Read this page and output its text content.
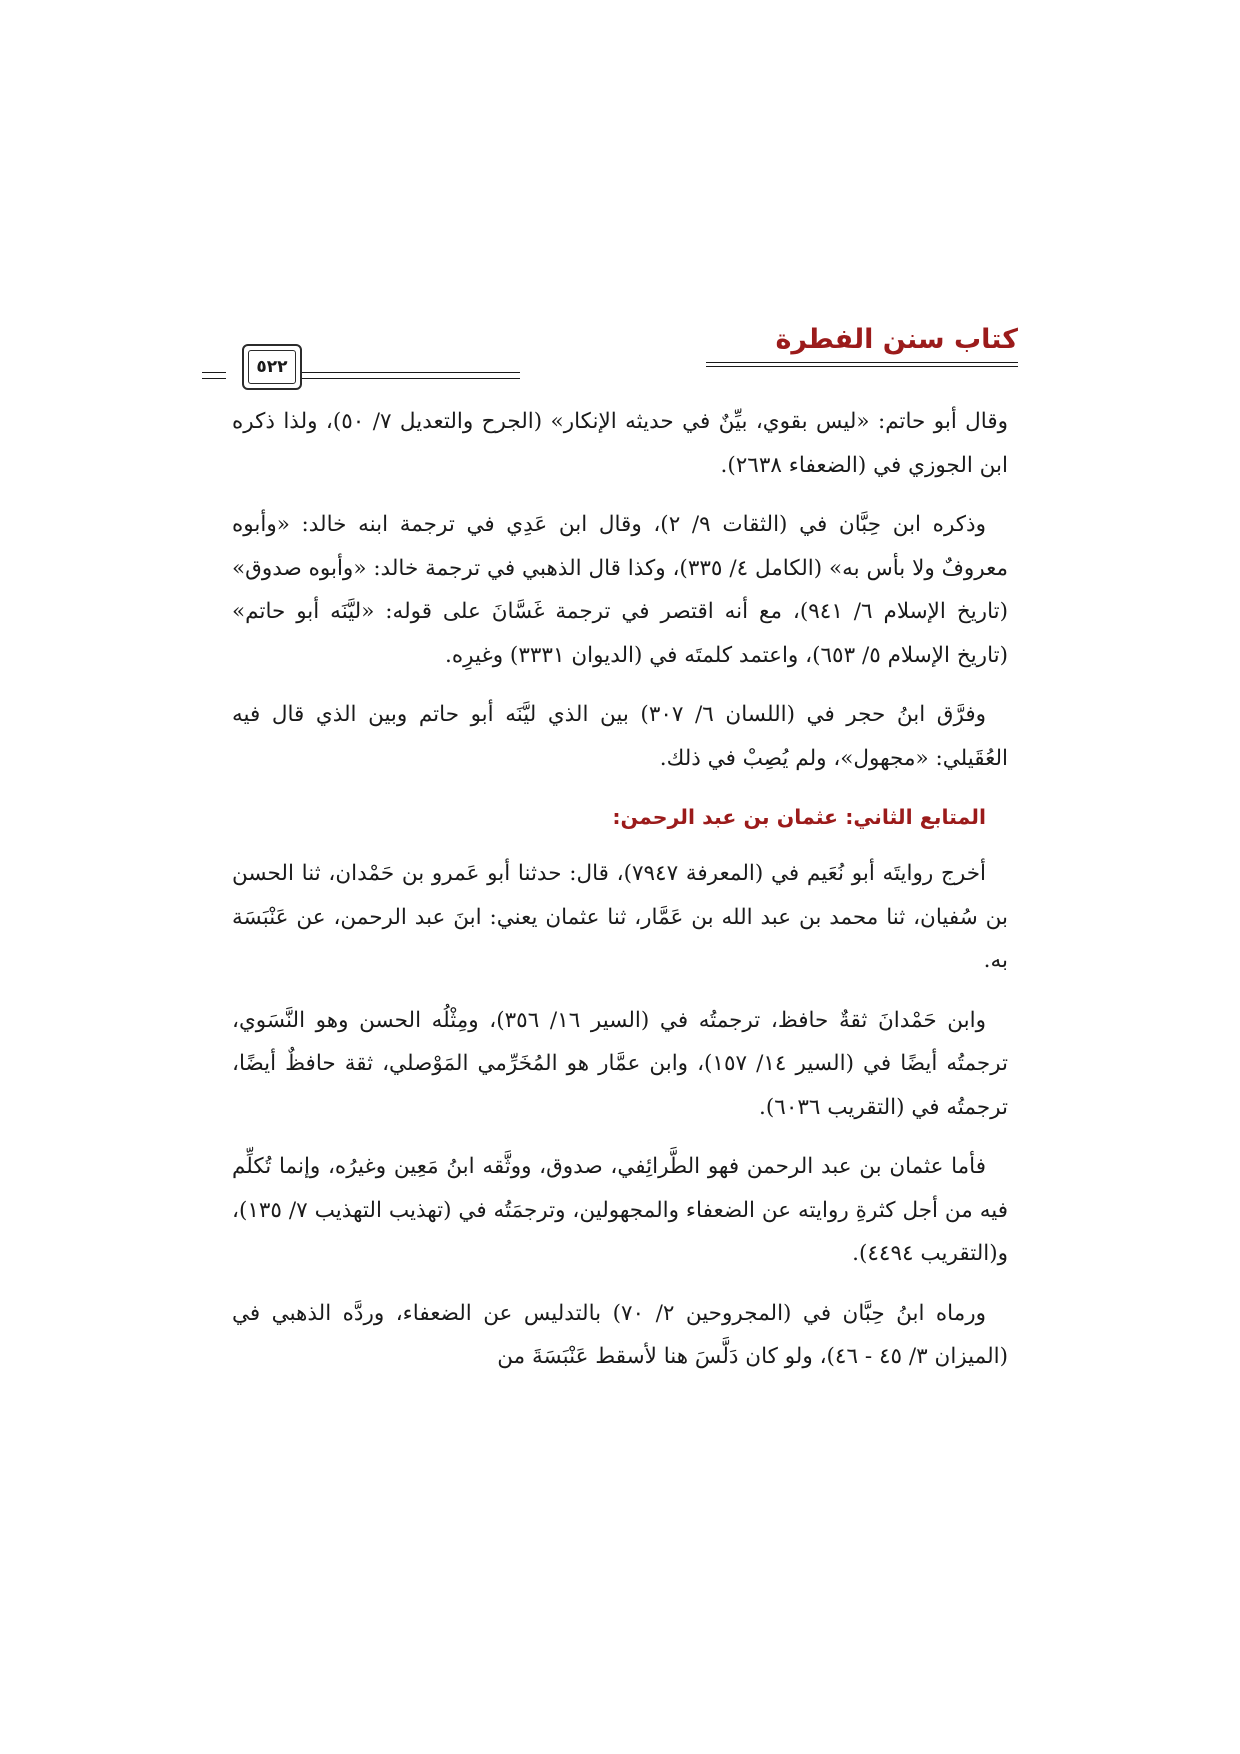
٥٢٢
كتاب سنن الفطرة

وقال أبو حاتم: «ليس بقوي، بيِّنٌ في حديثه الإنكار» (الجرح والتعديل ٧/ ٥٠)، ولذا ذكره ابن الجوزي في (الضعفاء ٢٦٣٨).

وذكره ابن حِبَّان في (الثقات ٩/ ٢)، وقال ابن عَدِي في ترجمة ابنه خالد: «وأبوه معروفٌ ولا بأس به» (الكامل ٤/ ٣٣٥)، وكذا قال الذهبي في ترجمة خالد: «وأبوه صدوق» (تاريخ الإسلام ٦/ ٩٤١)، مع أنه اقتصر في ترجمة غَسَّانَ على قوله: «ليَّنَه أبو حاتم» (تاريخ الإسلام ٥/ ٦٥٣)، واعتمد كلمتَه في (الديوان ٣٣٣١) وغيرِه.

وفرَّق ابنُ حجر في (اللسان ٦/ ٣٠٧) بين الذي ليَّنَه أبو حاتم وبين الذي قال فيه العُقَيلي: «مجهول»، ولم يُصِبْ في ذلك.

المتابع الثاني: عثمان بن عبد الرحمن:

أخرج روايتَه أبو نُعَيم في (المعرفة ٧٩٤٧)، قال: حدثنا أبو عَمرو بن حَمْدان، ثنا الحسن بن سُفيان، ثنا محمد بن عبد الله بن عَمَّار، ثنا عثمان يعني: ابنَ عبد الرحمن، عن عَنْبَسَة به.

وابن حَمْدانَ ثقةٌ حافظ، ترجمتُه في (السير ١٦/ ٣٥٦)، ومِثْلُه الحسن وهو النَّسَوي، ترجمتُه أيضًا في (السير ١٤/ ١٥٧)، وابن عمَّار هو المُخَرِّمي المَوْصلي، ثقة حافظٌ أيضًا، ترجمتُه في (التقريب ٦٠٣٦).

فأما عثمان بن عبد الرحمن فهو الطَّرائِفي، صدوق، ووثَّقه ابنُ مَعِين وغيرُه، وإنما تُكلِّم فيه من أجل كثرةِ روايته عن الضعفاء والمجهولين، وترجمَتُه في (تهذيب التهذيب ٧/ ١٣٥)، و(التقريب ٤٤٩٤).

ورماه ابنُ حِبَّان في (المجروحين ٢/ ٧٠) بالتدليس عن الضعفاء، وردَّه الذهبي في (الميزان ٣/ ٤٥ - ٤٦)، ولو كان دَلَّسَ هنا لأسقط عَنْبَسَةَ من
